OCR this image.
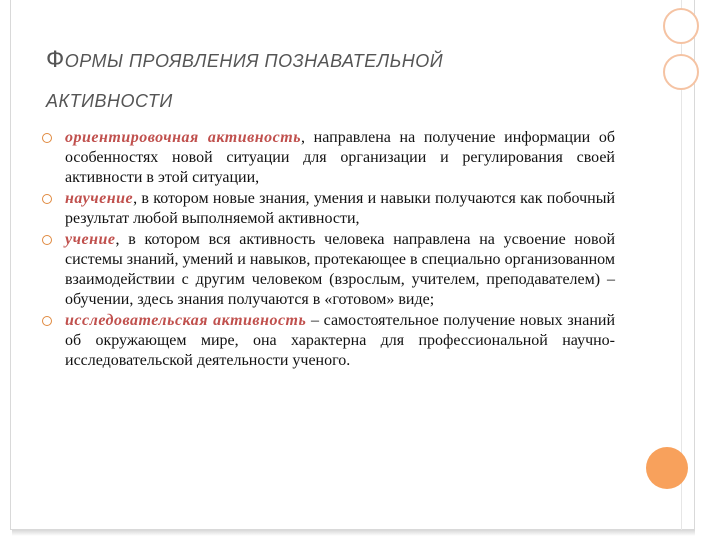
ФОРМЫ ПРОЯВЛЕНИЯ ПОЗНАВАТЕЛЬНОЙ
АКТИВНОСТИ
ориентировочная активность, направлена на получение информации об особенностях новой ситуации для организации и регулирования своей активности в этой ситуации,
научение, в котором новые знания, умения и навыки получаются как побочный результат любой выполняемой активности,
учение, в котором вся активность человека направлена на усвоение новой системы знаний, умений и навыков, протекающее в специально организованном взаимодействии с другим человеком (взрослым, учителем, преподавателем) – обучении, здесь знания получаются в «готовом» виде;
исследовательская активность – самостоятельное получение новых знаний об окружающем мире, она характерна для профессиональной научно-исследовательской деятельности ученого.
